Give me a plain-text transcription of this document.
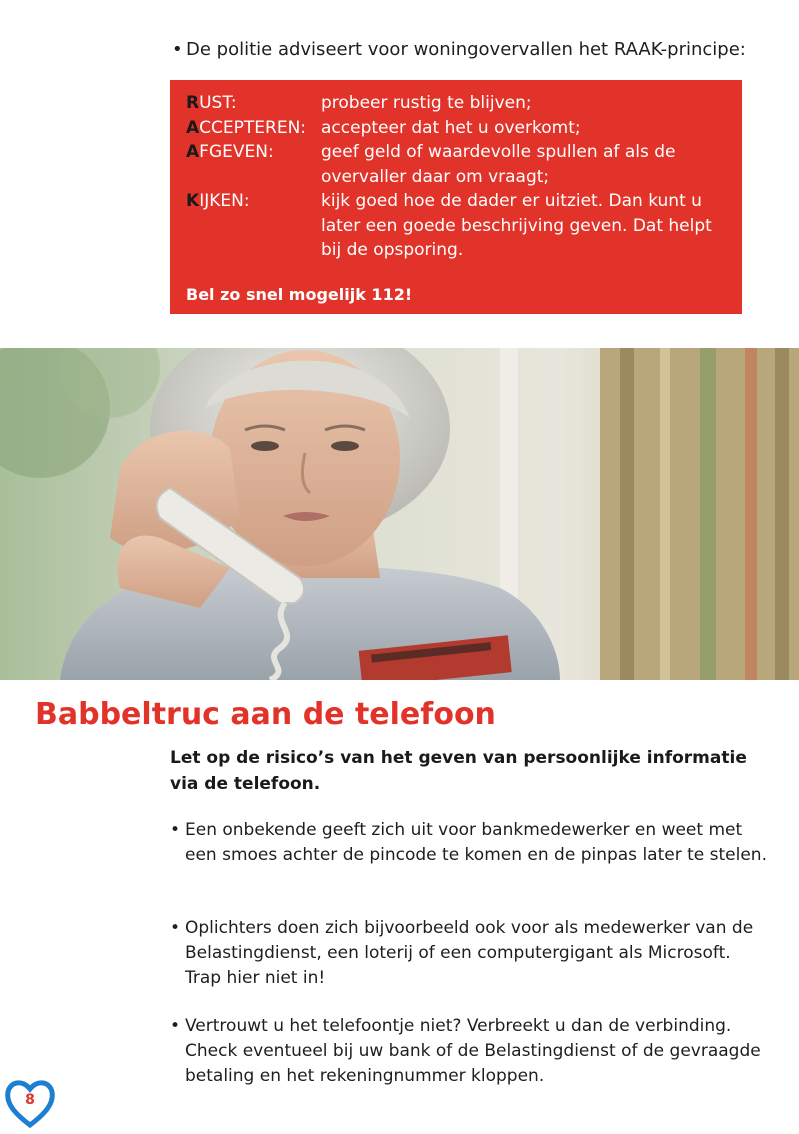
• De politie adviseert voor woningovervallen het RAAK-principe:
RUST:	probeer rustig te blijven;
ACCEPTEREN: accepteer dat het u overkomt;
AFGEVEN:	geef geld of waardevolle spullen af als de overvaller daar om vraagt;
KIJKEN:	kijk goed hoe de dader er uitziet. Dan kunt u later een goede beschrijving geven. Dat helpt bij de opsporing.
Bel zo snel mogelijk 112!
Babbeltruc aan de telefoon
Let op de risico’s van het geven van persoonlijke informatie via de telefoon.
• Een onbekende geeft zich uit voor bankmedewerker en weet met een smoes achter de pincode te komen en de pinpas later te stelen.
• Oplichters doen zich bijvoorbeeld ook voor als medewerker van de Belastingdienst, een loterij of een computergigant als Microsoft. Trap hier niet in!
• Vertrouwt u het telefoontje niet? Verbreekt u dan de verbinding. Check eventueel bij uw bank of de Belastingdienst of de gevraagde betaling en het rekeningnummer kloppen.
8
